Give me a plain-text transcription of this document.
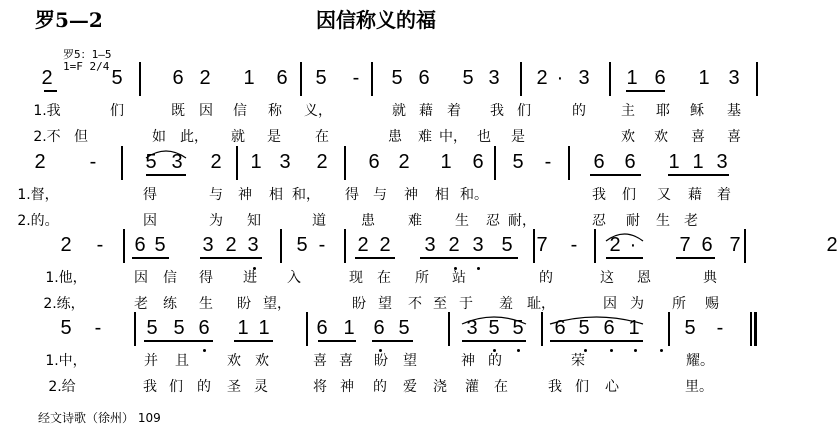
罗5—2	因信称义的福
罗5：1—5
1=F 2/4
2	5 6 2 1 6 5 - 5 6 5 3 2 · 3 1 6 1 3
1.我	们	既 因 信 称 义，	就 藉 着 我 们	的	主 耶 稣 基
2.不 但	如 此， 就 是 在	患 难 中， 也 是	欢 欢 喜 喜
2 - 5 3 2 1 3 2 6 2 1 6 5 - 6 6 1 1 3
1.督，	得	与 神 相 和， 得 与 神 相 和。	我 们 又 藉 着
2.的。	因	为 知	道	患 难 生 忍 耐，	忍 耐 生 老
2 - 6 5 3 2 3 5 - 2 2 3 2 3 5 7 - 2 · 7 6 7	2
1.他，	因 信 得 进 入	现 在 所 站	的	这 恩	典
2.练，	老 练 生 盼 望，	盼 望 不 至 于 羞 耻，	因 为 所 赐
5 - 5 5 6 1 1 6 1 6 5	3 5 5 6 5 6 1 5 -
1.中，	并 且	欢 欢	喜 喜 盼 望	神 的	荣	耀。
2.给	我 们 的 圣 灵	将 神 的 爱 浇 灌 在	我 们 心	里。
经文诗歌（徐州） 109
